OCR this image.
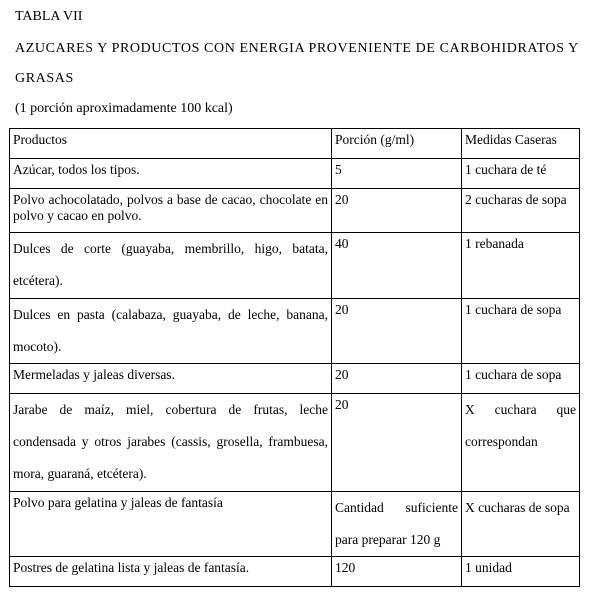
TABLA VII
AZUCARES Y PRODUCTOS CON ENERGIA PROVENIENTE DE CARBOHIDRATOS Y
GRASAS
(1 porción aproximadamente 100 kcal)
Productos	Porción (g/ml)	Medidas Caseras
Azúcar, todos los tipos.	5	1 cuchara de té
Polvo achocolatado, polvos a base de cacao, chocolate en polvo y cacao en polvo.	20	2 cucharas de sopa
Dulces de corte (guayaba, membrillo, higo, batata, etcétera).	40	1 rebanada
Dulces en pasta (calabaza, guayaba, de leche, banana, mocoto).	20	1 cuchara de sopa
Mermeladas y jaleas diversas.	20	1 cuchara de sopa
Jarabe de maíz, miel, cobertura de frutas, leche condensada y otros jarabes (cassis, grosella, frambuesa, mora, guaraná, etcétera).	20	X cuchara que correspondan
Polvo para gelatina y jaleas de fantasía	Cantidad suficiente para preparar 120 g	X cucharas de sopa
Postres de gelatina lista y jaleas de fantasía.	120	1 unidad
